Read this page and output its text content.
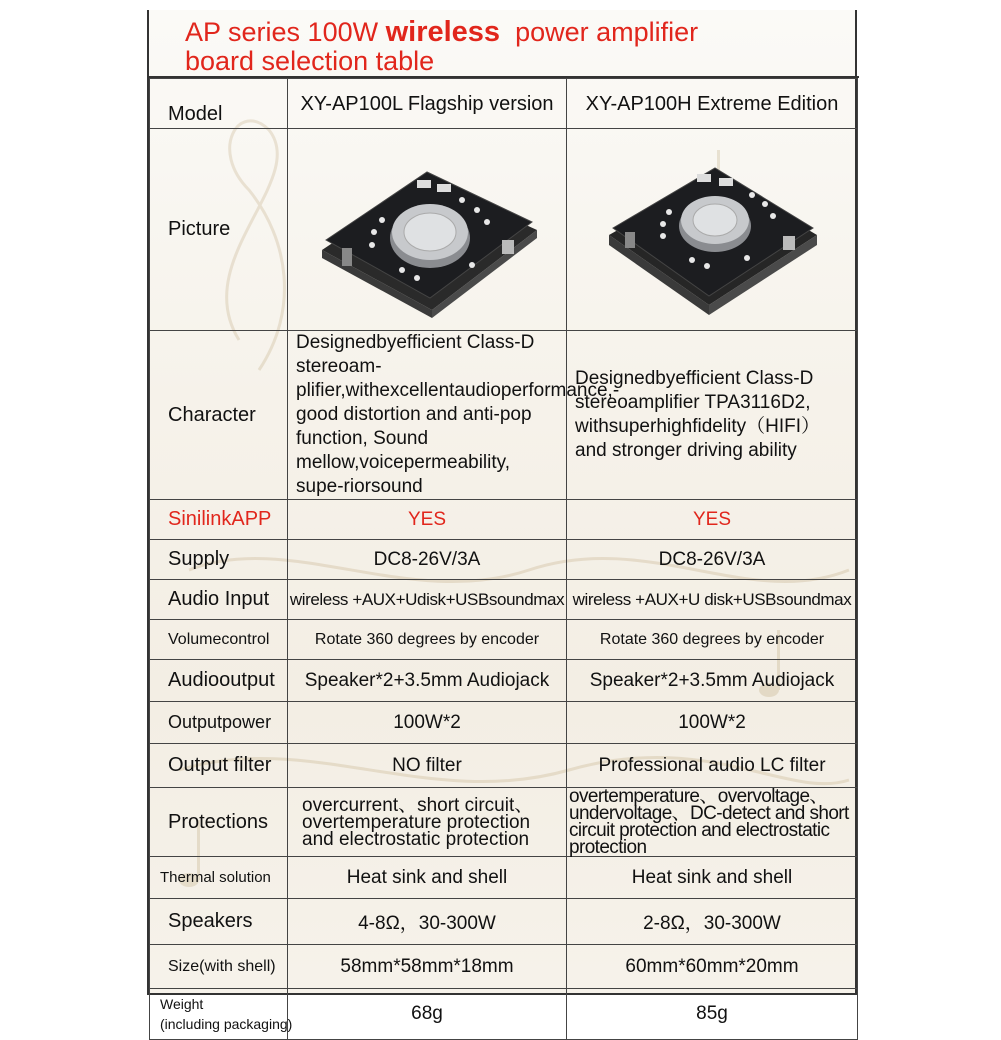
AP series 100W wireless  power amplifier
board selection table
Model	XY-AP100L Flagship version	XY-AP100H Extreme Edition
Picture	

Character	Designedbyefficient Class-D stereoam-plifier,withexcellentaudioperformance,-good distortion and anti-pop function, Sound mellow,voicepermeability, supe-riorsound	Designedbyefficient Class-D stereoamplifier TPA3116D2, withsuperhighfidelity（HIFI） and stronger driving ability
SinilinkAPP	YES	YES
Supply	DC8-26V/3A	DC8-26V/3A
Audio Input	wireless +AUX+Udisk+USBsoundmax	wireless +AUX+U disk+USBsoundmax
Volumecontrol	Rotate 360 degrees by encoder	Rotate 360 degrees by encoder
Audiooutput	Speaker*2+3.5mm Audiojack	Speaker*2+3.5mm Audiojack
Outputpower	100W*2	100W*2
Output filter	NO filter	Professional audio LC filter
Protections	overcurrent、short circuit、overtemperature protection and electrostatic protection	overtemperature、overvoltage、undervoltage、DC-detect and short circuit protection and electrostatic protection
Thermal solution	Heat sink and shell	Heat sink and shell
Speakers	4-8Ω，30-300W	2-8Ω，30-300W
Size(with shell)	58mm*58mm*18mm	60mm*60mm*20mm

Weight
(including packaging)	68g	85g
